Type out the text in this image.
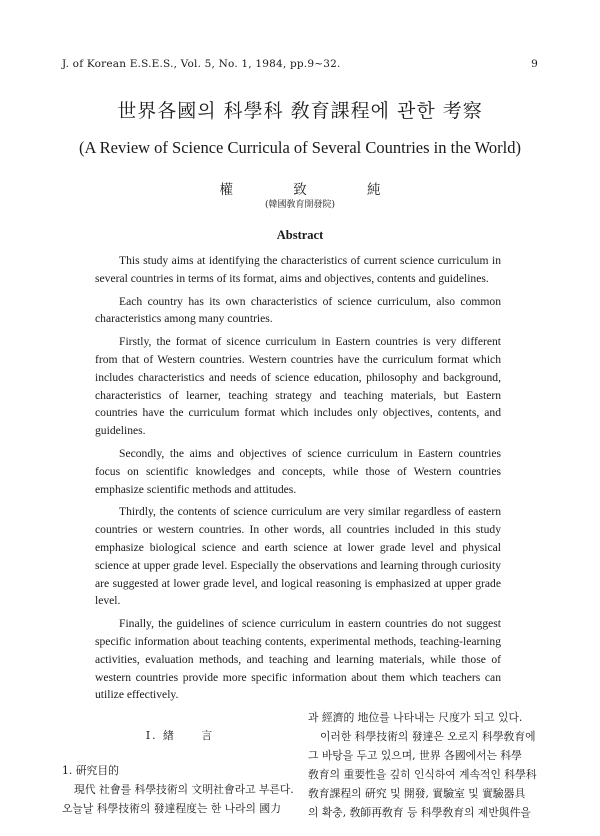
J. of Korean E.S.E.S., Vol. 5, No. 1, 1984, pp.9~32.	9
世界各國의 科學科 敎育課程에 관한 考察
(A Review of Science Curricula of Several Countries in the World)
權 致 純
(韓國敎育開發院)
Abstract

This study aims at identifying the characteristics of current science curriculum in several countries in terms of its format, aims and objectives, contents and guidelines.

Each country has its own characteristics of science curriculum, also common characteristics among many countries.

Firstly, the format of sicence curriculum in Eastern countries is very different from that of Western countries. Western countries have the curriculum format which includes characteristics and needs of science education, philosophy and background, characteristics of learner, teaching strategy and teaching materials, but Eastern countries have the curriculum format which includes only objectives, contents, and guidelines.

Secondly, the aims and objectives of science curriculum in Eastern countries focus on scientific knowledges and concepts, while those of Western countries emphasize scientific methods and attitudes.

Thirdly, the contents of science curriculum are very similar regardless of eastern countries or western countries. In other words, all countries included in this study emphasize biological science and earth science at lower grade level and physical science at upper grade level. Especially the observations and learning through curiosity are suggested at lower grade level, and logical reasoning is emphasized at upper grade level.

Finally, the guidelines of science curriculum in eastern countries do not suggest specific information about teaching contents, experimental methods, teaching-learning activities, evaluation methods, and teaching and learning materials, while those of western countries provide more specific information about them which teachers can utilize effectively.

Ⅰ. 緖　　言
1. 硏究目的
現代 社會를 科學技術의 文明社會라고 부른다.
오늘날 科學技術의 發達程度는 한 나라의 國力
과 經濟的 地位를 나타내는 尺度가 되고 있다.
이러한 科學技術의 發達은 오로지 科學敎育에
그 바탕을 두고 있으며, 世界 各國에서는 科學
敎育의 重要性을 깊히 인식하여 계속적인 科學科
敎育課程의 硏究 및 開發, 實驗室 및 實驗器具
의 확충, 敎師再敎育 등 科學敎育의 제반與件을
